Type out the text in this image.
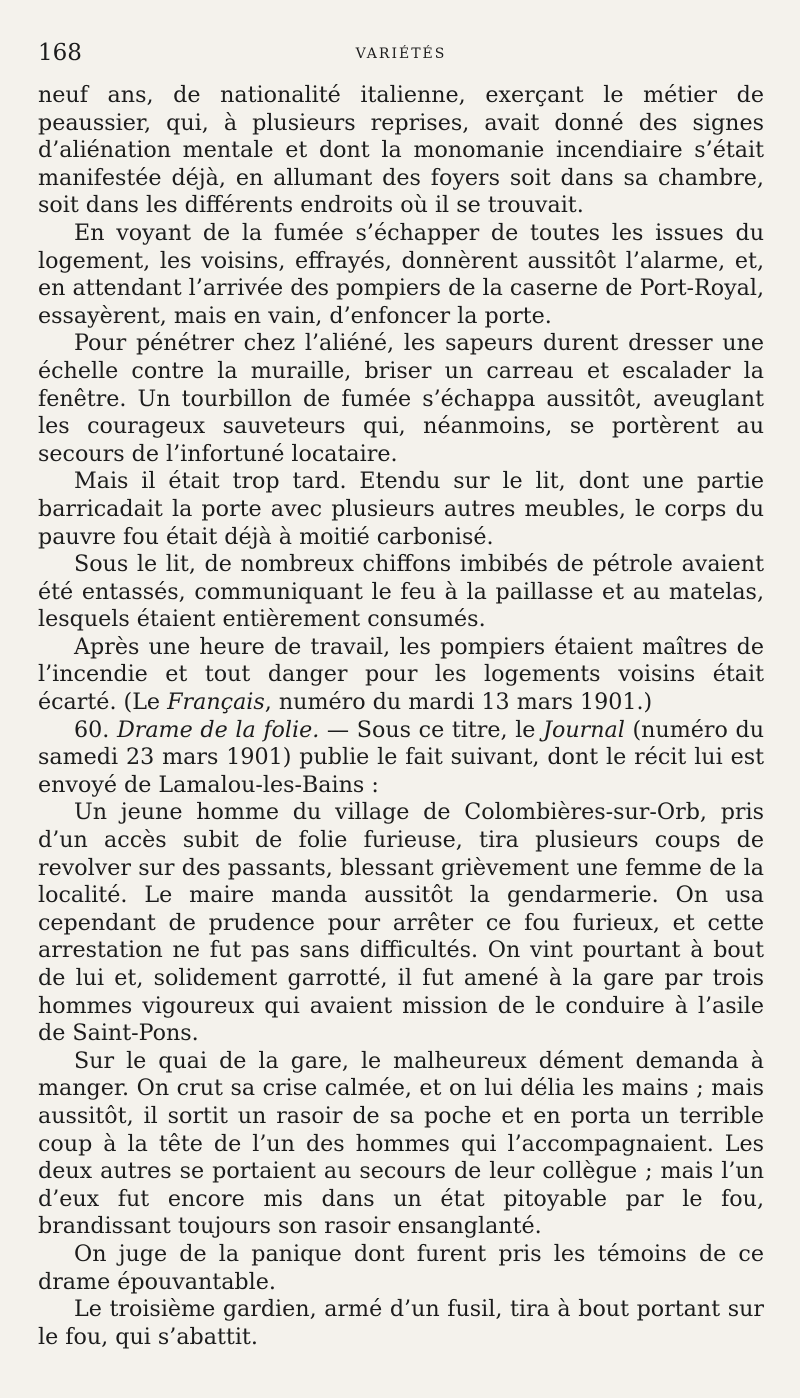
168	VARIÉTÉS

neuf ans, de nationalité italienne, exerçant le métier de peaussier, qui, à plusieurs reprises, avait donné des signes d’aliénation mentale et dont la monomanie incendiaire s’était manifestée déjà, en allumant des foyers soit dans sa chambre, soit dans les différents endroits où il se trouvait.

En voyant de la fumée s’échapper de toutes les issues du logement, les voisins, effrayés, donnèrent aussitôt l’alarme, et, en attendant l’arrivée des pompiers de la caserne de Port-Royal, essayèrent, mais en vain, d’enfoncer la porte.

Pour pénétrer chez l’aliéné, les sapeurs durent dresser une échelle contre la muraille, briser un carreau et escalader la fenêtre. Un tourbillon de fumée s’échappa aussitôt, aveuglant les courageux sauveteurs qui, néanmoins, se portèrent au secours de l’infortuné locataire.

Mais il était trop tard. Etendu sur le lit, dont une partie barricadait la porte avec plusieurs autres meubles, le corps du pauvre fou était déjà à moitié carbonisé.

Sous le lit, de nombreux chiffons imbibés de pétrole avaient été entassés, communiquant le feu à la paillasse et au matelas, lesquels étaient entièrement consumés.

Après une heure de travail, les pompiers étaient maîtres de l’incendie et tout danger pour les logements voisins était écarté. (Le Français, numéro du mardi 13 mars 1901.)

60. Drame de la folie. — Sous ce titre, le Journal (numéro du samedi 23 mars 1901) publie le fait suivant, dont le récit lui est envoyé de Lamalou-les-Bains :

Un jeune homme du village de Colombières-sur-Orb, pris d’un accès subit de folie furieuse, tira plusieurs coups de revolver sur des passants, blessant grièvement une femme de la localité. Le maire manda aussitôt la gendarmerie. On usa cependant de prudence pour arrêter ce fou furieux, et cette arrestation ne fut pas sans difficultés. On vint pourtant à bout de lui et, solidement garrotté, il fut amené à la gare par trois hommes vigoureux qui avaient mission de le conduire à l’asile de Saint-Pons.

Sur le quai de la gare, le malheureux dément demanda à manger. On crut sa crise calmée, et on lui délia les mains ; mais aussitôt, il sortit un rasoir de sa poche et en porta un terrible coup à la tête de l’un des hommes qui l’accompagnaient. Les deux autres se portaient au secours de leur collègue ; mais l’un d’eux fut encore mis dans un état pitoyable par le fou, brandissant toujours son rasoir ensanglanté.

On juge de la panique dont furent pris les témoins de ce drame épouvantable.

Le troisième gardien, armé d’un fusil, tira à bout portant sur le fou, qui s’abattit.
